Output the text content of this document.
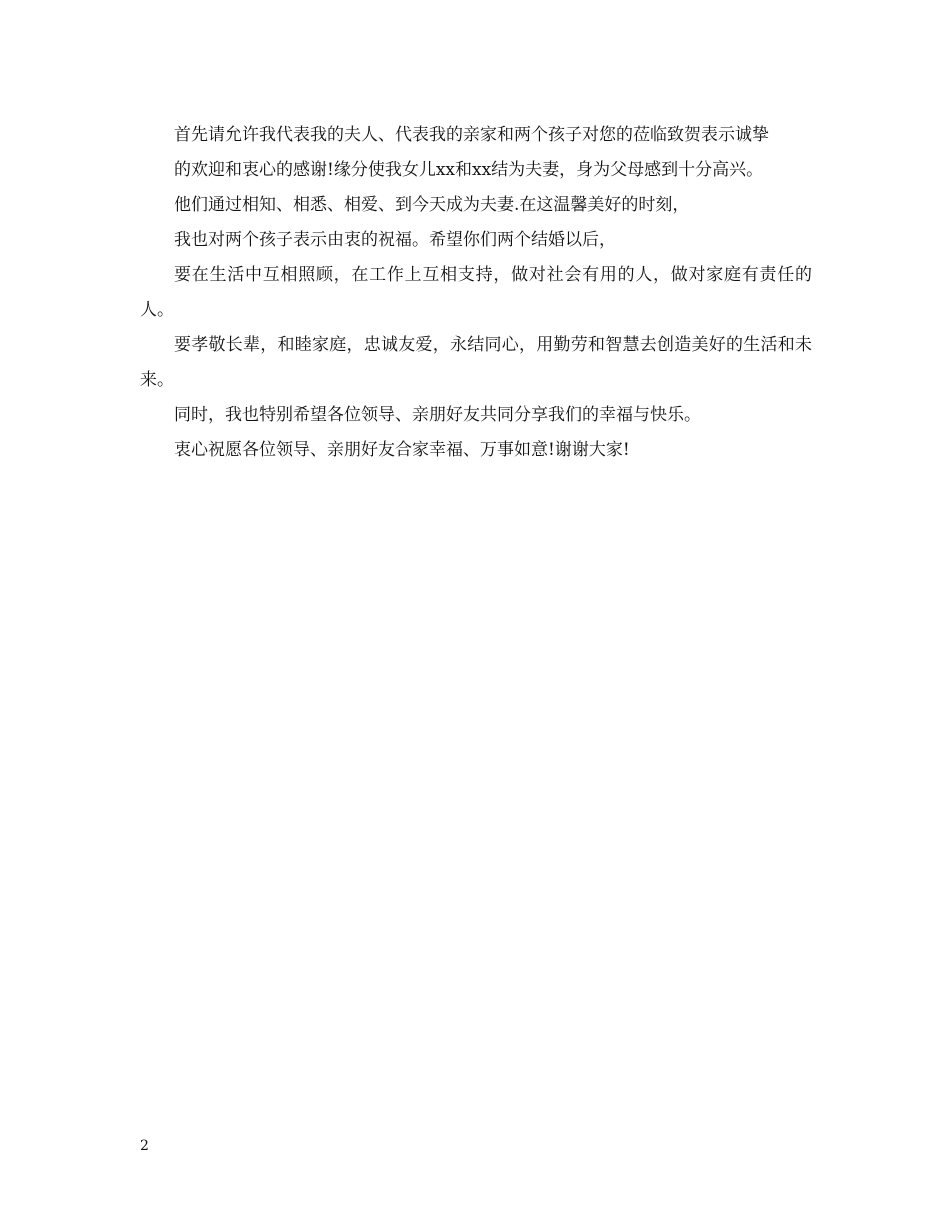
首先请允许我代表我的夫人、代表我的亲家和两个孩子对您的莅临致贺表示诚挚

的欢迎和衷心的感谢!缘分使我女儿xx和xx结为夫妻，身为父母感到十分高兴。

他们通过相知、相悉、相爱、到今天成为夫妻.在这温馨美好的时刻，

我也对两个孩子表示由衷的祝福。希望你们两个结婚以后，

要在生活中互相照顾，在工作上互相支持，做对社会有用的人，做对家庭有责任的人。

要孝敬长辈，和睦家庭，忠诚友爱，永结同心，用勤劳和智慧去创造美好的生活和未来。

同时，我也特别希望各位领导、亲朋好友共同分享我们的幸福与快乐。

衷心祝愿各位领导、亲朋好友合家幸福、万事如意!谢谢大家!

2
